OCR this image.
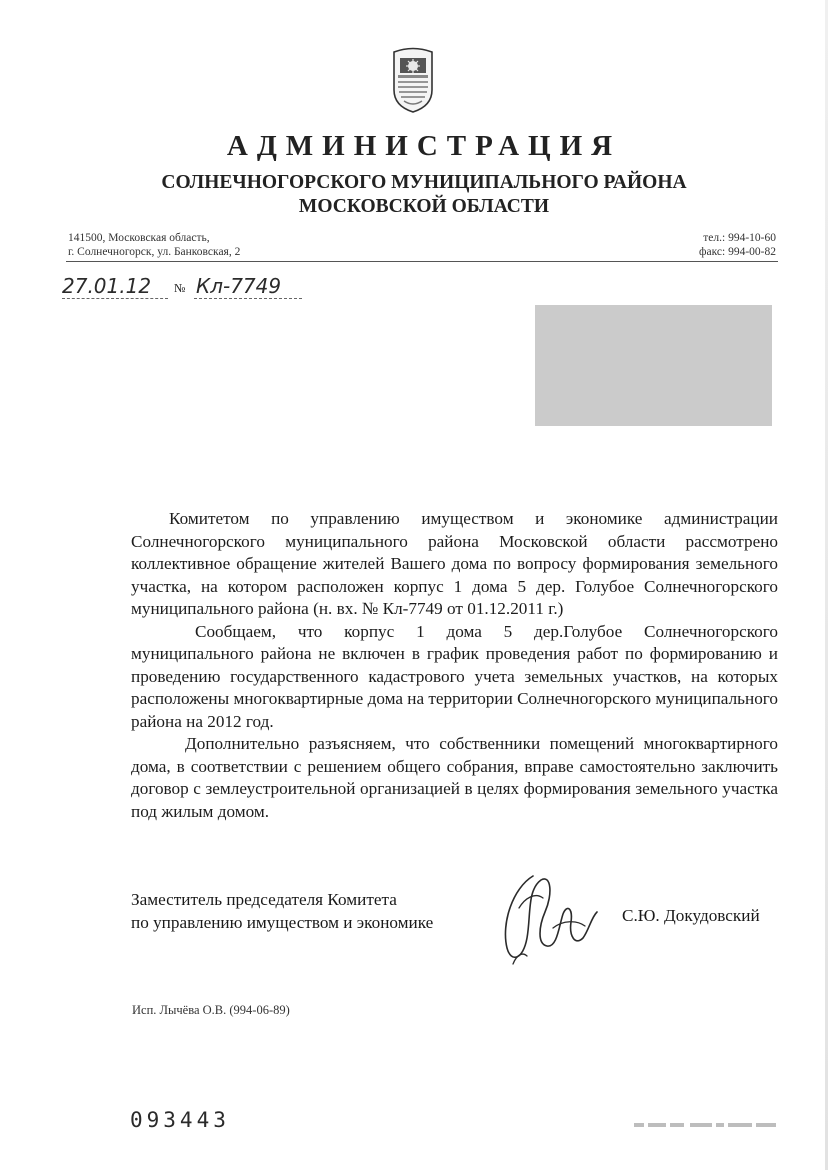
АДМИНИСТРАЦИЯ
СОЛНЕЧНОГОРСКОГО МУНИЦИПАЛЬНОГО РАЙОНА
МОСКОВСКОЙ ОБЛАСТИ
141500, Московская область,
г. Солнечногорск, ул. Банковская, 2
тел.: 994-10-60
факс: 994-00-82
27.01.12 № Кл-7749

Комитетом по управлению имуществом и экономике администрации Солнечногорского муниципального района Московской области рассмотрено коллективное обращение жителей Вашего дома по вопросу формирования земельного участка, на котором расположен корпус 1 дома 5 дер. Голубое Солнечногорского муниципального района (н. вх. № Кл-7749 от 01.12.2011 г.)

Сообщаем, что корпус 1 дома 5 дер.Голубое Солнечногорского муниципального района не включен в график проведения работ по формированию и проведению государственного кадастрового учета земельных участков, на которых расположены многоквартирные дома на территории Солнечногорского муниципального района на 2012 год.

Дополнительно разъясняем, что собственники помещений многоквартирного дома, в соответствии с решением общего собрания, вправе самостоятельно заключить договор с землеустроительной организацией в целях формирования земельного участка под жилым домом.

Заместитель председателя Комитета
по управлению имуществом и экономике	С.Ю. Докудовский
Исп. Лычёва О.В. (994-06-89)
093443
